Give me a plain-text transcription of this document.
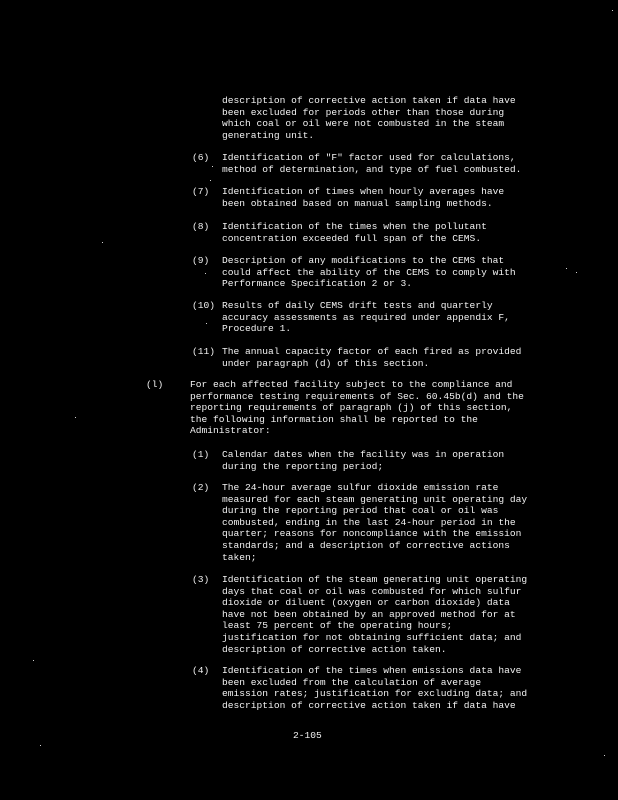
description of corrective action taken if data have
been excluded for periods other than those during
which coal or oil were not combusted in the steam
generating unit.
(6) Identification of "F" factor used for calculations,
method of determination, and type of fuel combusted.
(7) Identification of times when hourly averages have
been obtained based on manual sampling methods.
(8) Identification of the times when the pollutant
concentration exceeded full span of the CEMS.
(9) Description of any modifications to the CEMS that
could affect the ability of the CEMS to comply with
Performance Specification 2 or 3.
(10) Results of daily CEMS drift tests and quarterly
accuracy assessments as required under appendix F,
Procedure 1.
(11) The annual capacity factor of each fired as provided
under paragraph (d) of this section.
(l)	For each affected facility subject to the compliance and
performance testing requirements of Sec. 60.45b(d) and the
reporting requirements of paragraph (j) of this section,
the following information shall be reported to the
Administrator:
(1) Calendar dates when the facility was in operation
during the reporting period;
(2) The 24-hour average sulfur dioxide emission rate
measured for each steam generating unit operating day
during the reporting period that coal or oil was
combusted, ending in the last 24-hour period in the
quarter; reasons for noncompliance with the emission
standards; and a description of corrective actions
taken;
(3) Identification of the steam generating unit operating
days that coal or oil was combusted for which sulfur
dioxide or diluent (oxygen or carbon dioxide) data
have not been obtained by an approved method for at
least 75 percent of the operating hours;
justification for not obtaining sufficient data; and
description of corrective action taken.
(4) Identification of the times when emissions data have
been excluded from the calculation of average
emission rates; justification for excluding data; and
description of corrective action taken if data have
2-105
